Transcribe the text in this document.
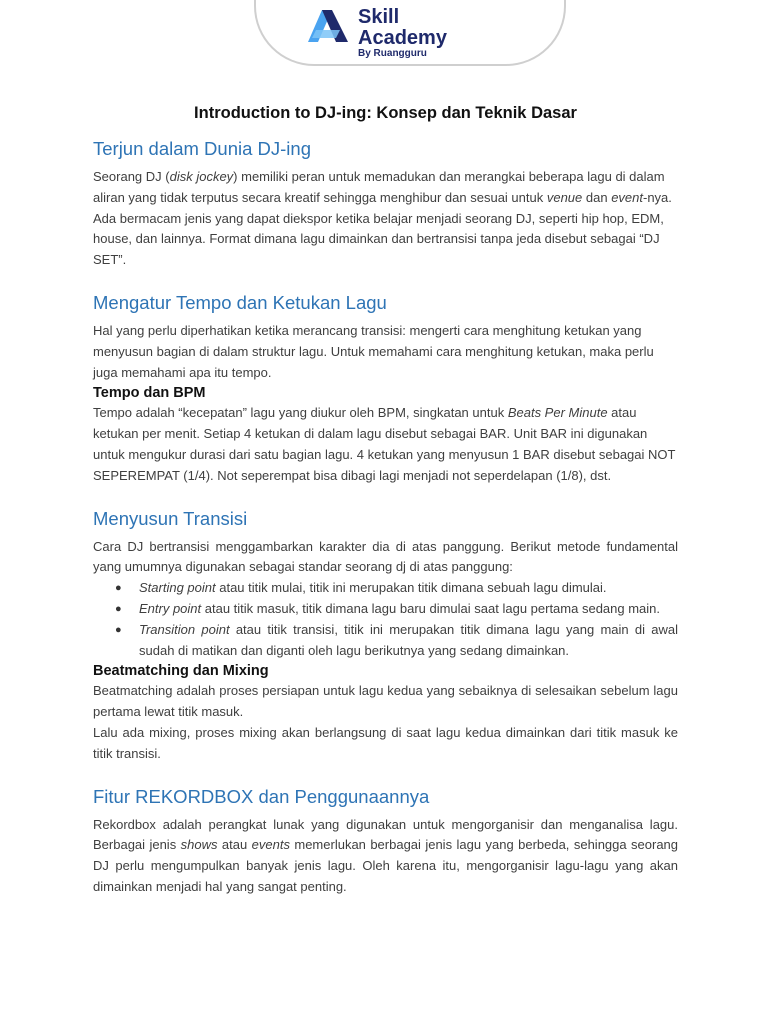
Skill
Academy
By Ruangguru
Introduction to DJ-ing: Konsep dan Teknik Dasar
Terjun dalam Dunia DJ-ing

Seorang DJ (disk jockey) memiliki peran untuk memadukan dan merangkai beberapa lagu di dalam aliran yang tidak terputus secara kreatif sehingga menghibur dan sesuai untuk venue dan event-nya. Ada bermacam jenis yang dapat diekspor ketika belajar menjadi seorang DJ, seperti hip hop, EDM, house, dan lainnya. Format dimana lagu dimainkan dan bertransisi tanpa jeda disebut sebagai “DJ SET”.

Mengatur Tempo dan Ketukan Lagu

Hal yang perlu diperhatikan ketika merancang transisi: mengerti cara menghitung ketukan yang menyusun bagian di dalam struktur lagu. Untuk memahami cara menghitung ketukan, maka perlu juga memahami apa itu tempo.

Tempo dan BPM

Tempo adalah “kecepatan” lagu yang diukur oleh BPM, singkatan untuk Beats Per Minute atau ketukan per menit. Setiap 4 ketukan di dalam lagu disebut sebagai BAR. Unit BAR ini digunakan untuk mengukur durasi dari satu bagian lagu. 4 ketukan yang menyusun 1 BAR disebut sebagai NOT SEPEREMPAT (1/4). Not seperempat bisa dibagi lagi menjadi not seperdelapan (1/8), dst.

Menyusun Transisi

Cara DJ bertransisi menggambarkan karakter dia di atas panggung. Berikut metode fundamental yang umumnya digunakan sebagai standar seorang dj di atas panggung:

● Starting point atau titik mulai, titik ini merupakan titik dimana sebuah lagu dimulai.
● Entry point atau titik masuk, titik dimana lagu baru dimulai saat lagu pertama sedang main.
● Transition point atau titik transisi, titik ini merupakan titik dimana lagu yang main di awal sudah di matikan dan diganti oleh lagu berikutnya yang sedang dimainkan.
Beatmatching dan Mixing

Beatmatching adalah proses persiapan untuk lagu kedua yang sebaiknya di selesaikan sebelum lagu pertama lewat titik masuk.

Lalu ada mixing, proses mixing akan berlangsung di saat lagu kedua dimainkan dari titik masuk ke titik transisi.

Fitur REKORDBOX dan Penggunaannya

Rekordbox adalah perangkat lunak yang digunakan untuk mengorganisir dan menganalisa lagu. Berbagai jenis shows atau events memerlukan berbagai jenis lagu yang berbeda, sehingga seorang DJ perlu mengumpulkan banyak jenis lagu. Oleh karena itu, mengorganisir lagu-lagu yang akan dimainkan menjadi hal yang sangat penting.
